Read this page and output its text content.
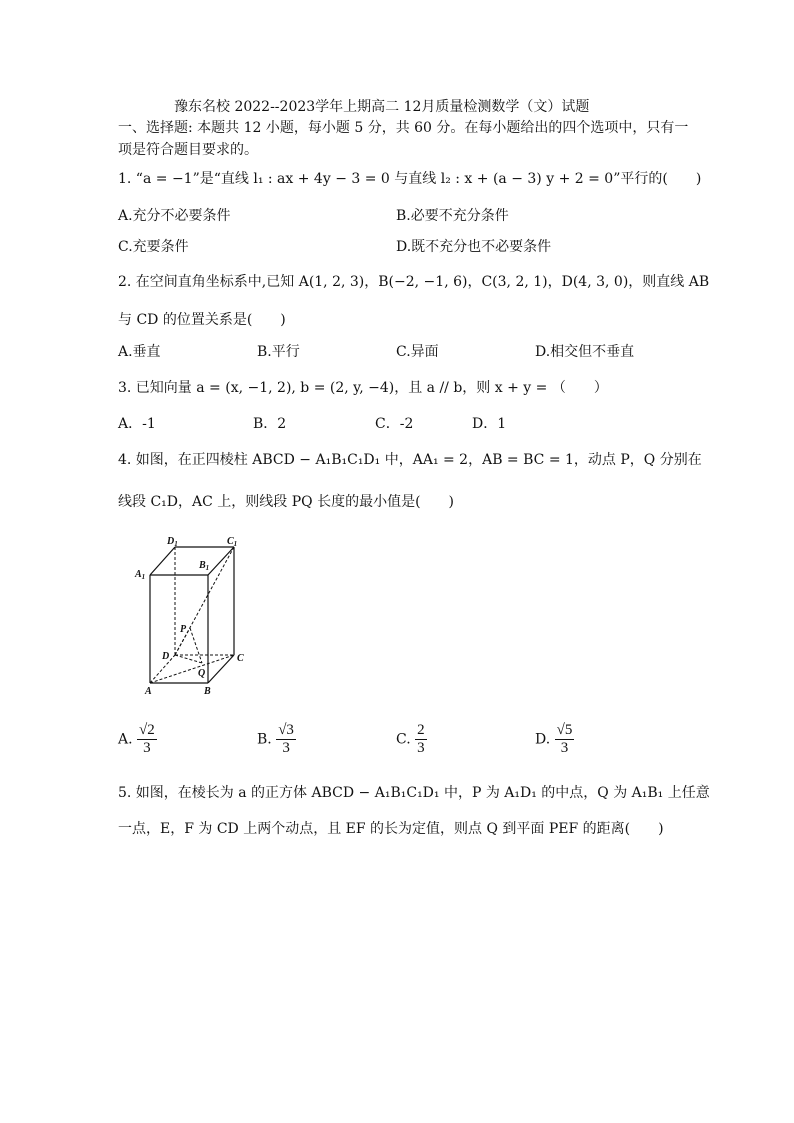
豫东名校 2022--2023学年上期高二 12月质量检测数学（文）试题
一、选择题: 本题共 12 小题，每小题 5 分，共 60 分。在每小题给出的四个选项中，只有一
项是符合题目要求的。
1. “a = −1”是“直线 l₁ : ax + 4y − 3 = 0 与直线 l₂ : x + (a − 3) y + 2 = 0”平行的(　　)
A.充分不必要条件	B.必要不充分条件
C.充要条件	D.既不充分也不必要条件
2. 在空间直角坐标系中,已知 A(1, 2, 3)，B(−2, −1, 6)，C(3, 2, 1)，D(4, 3, 0)，则直线 AB
与 CD 的位置关系是(　　)
A.垂直	B.平行	C.异面	D.相交但不垂直
3. 已知向量 a = (x, −1, 2), b = (2, y, −4)，且 a // b，则 x + y = （　　）
A．-1	B．2	C．-2	D．1
4. 如图，在正四棱柱 ABCD − A₁B₁C₁D₁ 中，AA₁ = 2，AB = BC = 1，动点 P，Q 分别在
线段 C₁D，AC 上，则线段 PQ 长度的最小值是(　　)
$D_1$	$C_1$
$B_1$
$A_1$
P
D	C
Q
A	B
A. $\frac{√2}{3}$	B. $\frac{√3}{3}$	C. $\frac{2}{3}$	D. $\frac{√5}{3}$
5. 如图，在棱长为 a 的正方体 ABCD − A₁B₁C₁D₁ 中，P 为 A₁D₁ 的中点，Q 为 A₁B₁ 上任意
一点，E，F 为 CD 上两个动点，且 EF 的长为定值，则点 Q 到平面 PEF 的距离(　　)
